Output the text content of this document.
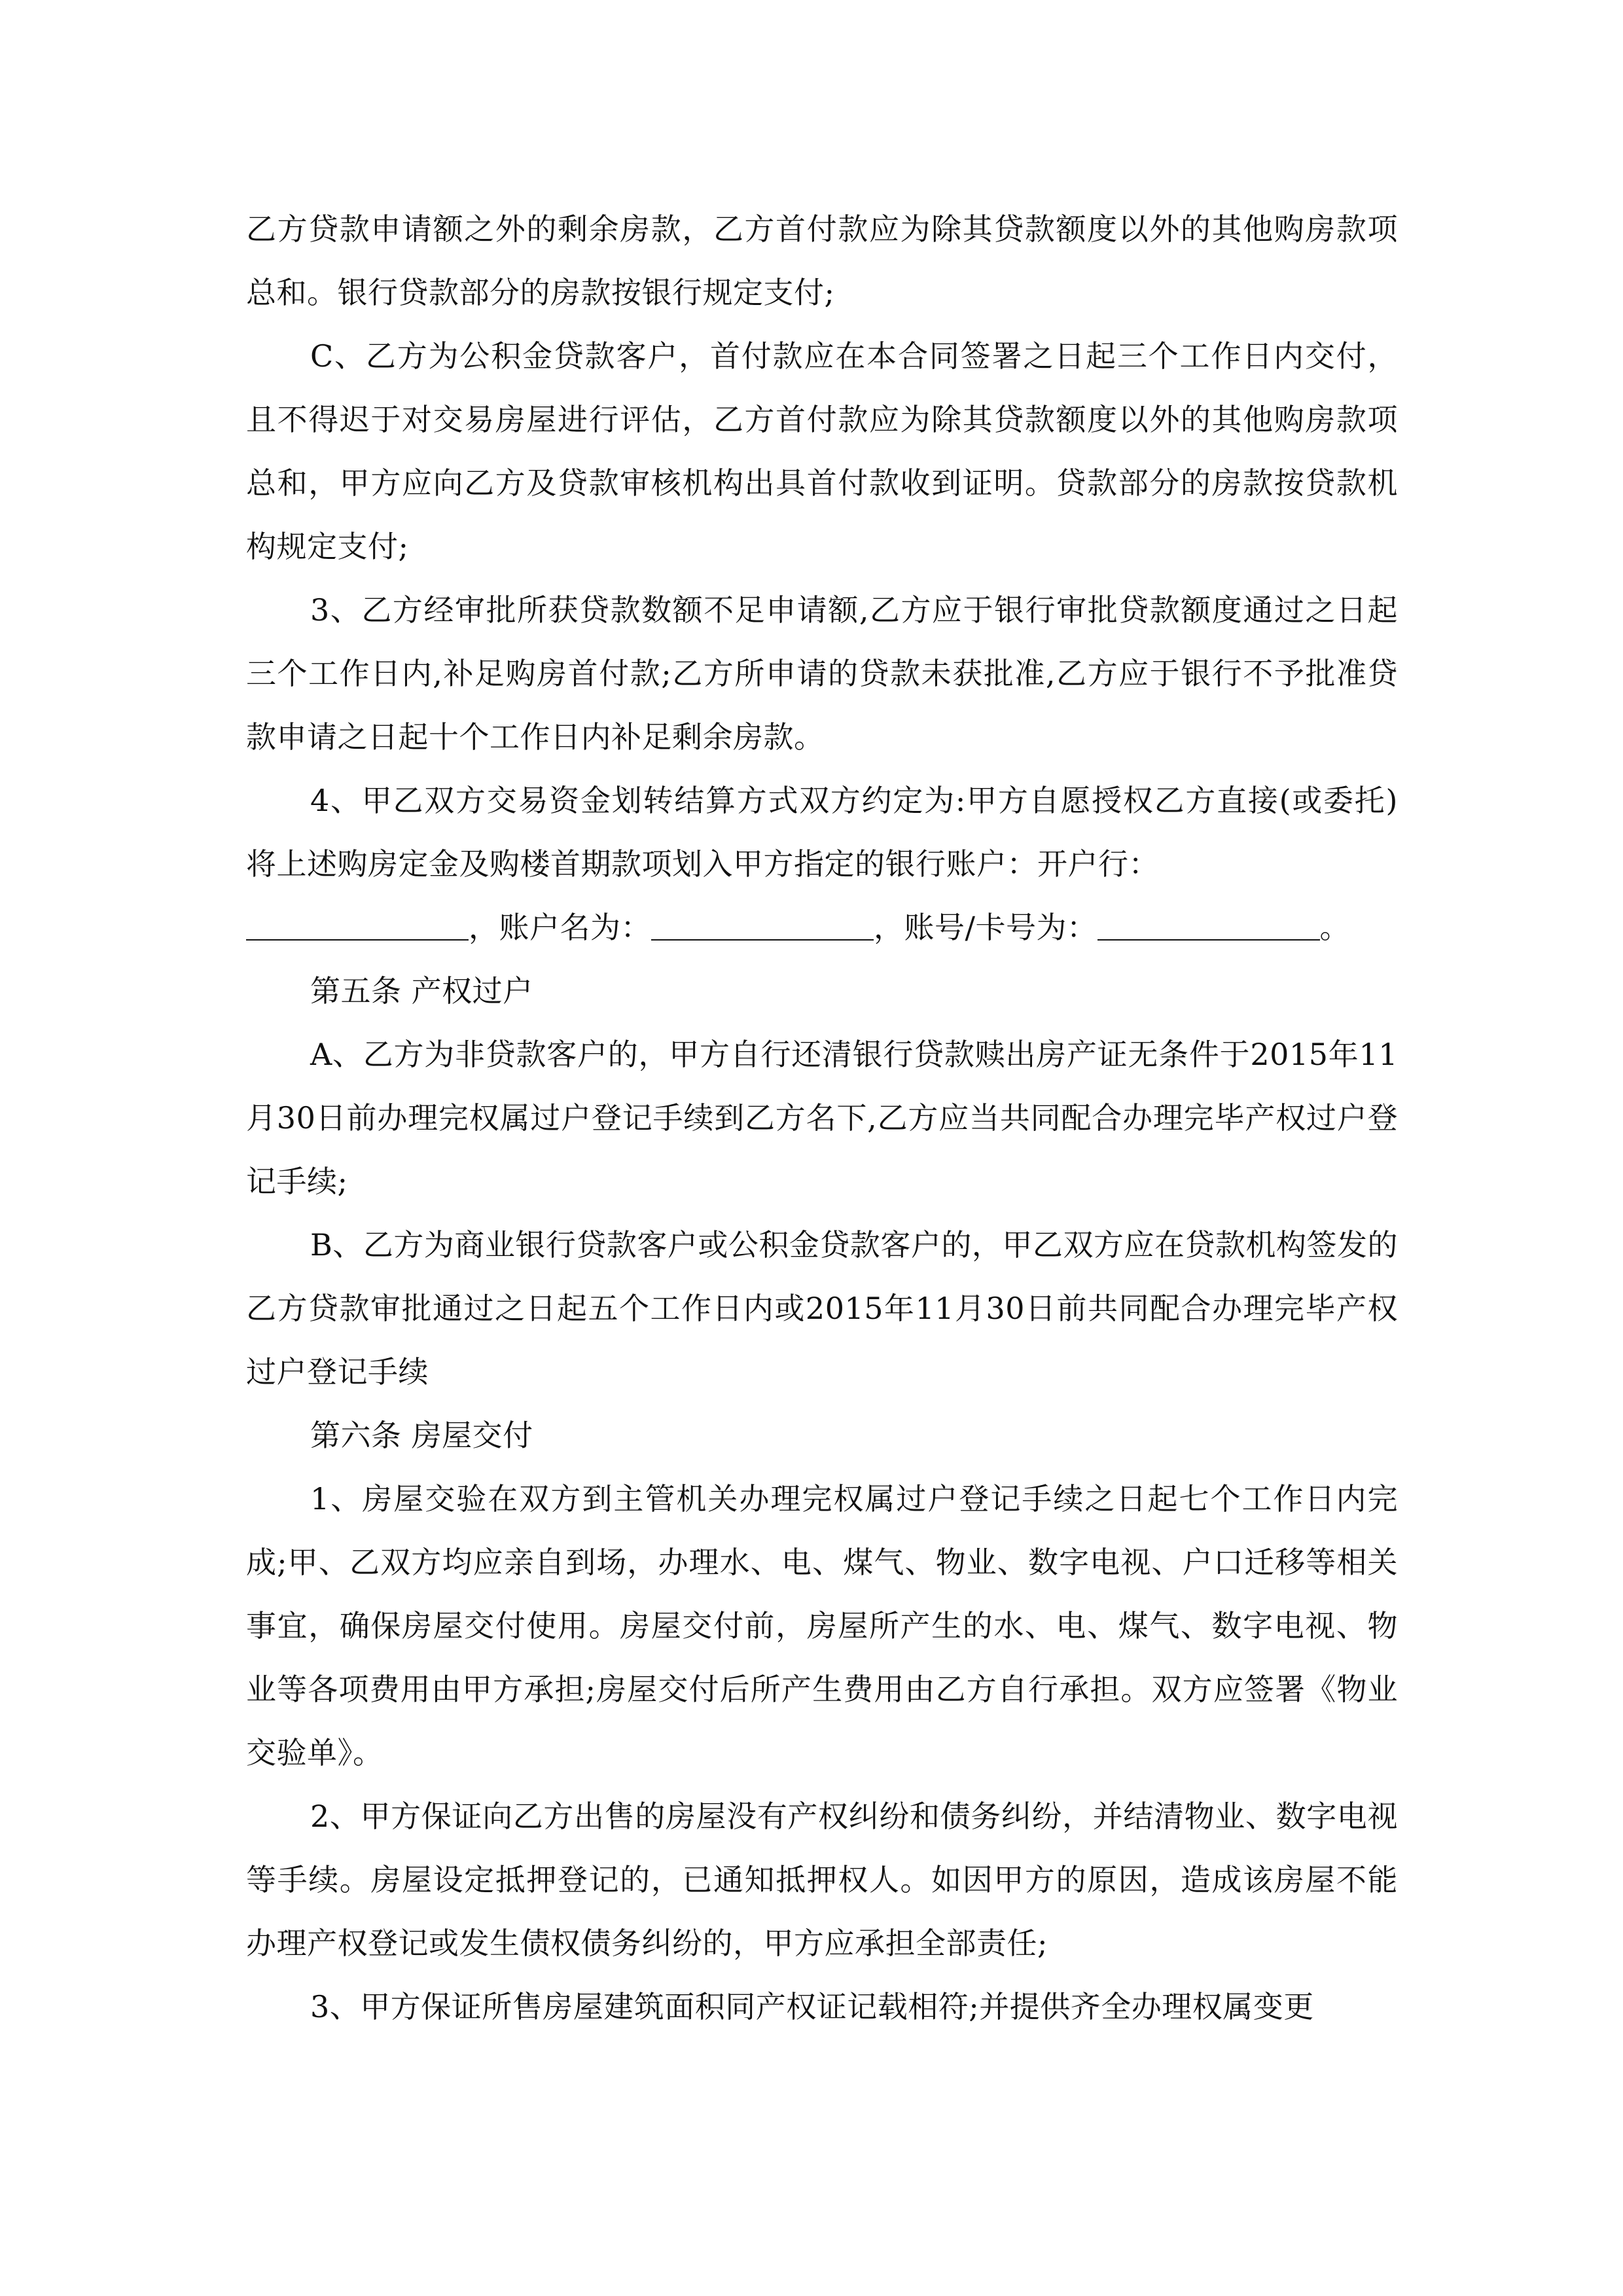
乙方贷款申请额之外的剩余房款，乙方首付款应为除其贷款额度以外的其他购房款项总和。银行贷款部分的房款按银行规定支付;

C、乙方为公积金贷款客户，首付款应在本合同签署之日起三个工作日内交付，且不得迟于对交易房屋进行评估，乙方首付款应为除其贷款额度以外的其他购房款项总和，甲方应向乙方及贷款审核机构出具首付款收到证明。贷款部分的房款按贷款机构规定支付;

3、乙方经审批所获贷款数额不足申请额,乙方应于银行审批贷款额度通过之日起三个工作日内,补足购房首付款;乙方所申请的贷款未获批准,乙方应于银行不予批准贷款申请之日起十个工作日内补足剩余房款。

4、甲乙双方交易资金划转结算方式双方约定为:甲方自愿授权乙方直接(或委托)将上述购房定金及购楼首期款项划入甲方指定的银行账户：开户行：

，账户名为：	，账号/卡号为：	。

第五条 产权过户

A、乙方为非贷款客户的，甲方自行还清银行贷款赎出房产证无条件于2015年11月30日前办理完权属过户登记手续到乙方名下,乙方应当共同配合办理完毕产权过户登记手续;

B、乙方为商业银行贷款客户或公积金贷款客户的，甲乙双方应在贷款机构签发的乙方贷款审批通过之日起五个工作日内或2015年11月30日前共同配合办理完毕产权过户登记手续

第六条 房屋交付

1、房屋交验在双方到主管机关办理完权属过户登记手续之日起七个工作日内完成;甲、乙双方均应亲自到场，办理水、电、煤气、物业、数字电视、户口迁移等相关事宜，确保房屋交付使用。房屋交付前，房屋所产生的水、电、煤气、数字电视、物业等各项费用由甲方承担;房屋交付后所产生费用由乙方自行承担。双方应签署《物业交验单》。

2、甲方保证向乙方出售的房屋没有产权纠纷和债务纠纷，并结清物业、数字电视等手续。房屋设定抵押登记的，已通知抵押权人。如因甲方的原因，造成该房屋不能办理产权登记或发生债权债务纠纷的，甲方应承担全部责任;

3、甲方保证所售房屋建筑面积同产权证记载相符;并提供齐全办理权属变更
